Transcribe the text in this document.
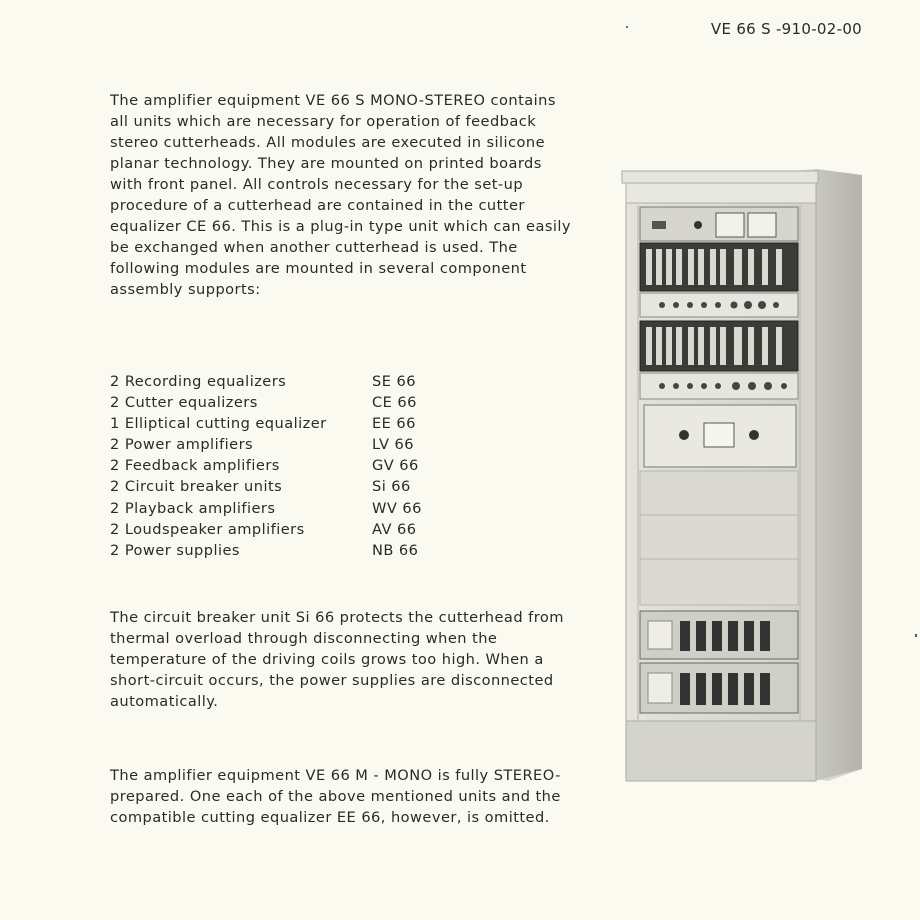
VE 66 S -910-02-00

The amplifier equipment VE 66 S MONO-STEREO contains all units which are necessary for operation of feedback stereo cutterheads. All modules are executed in silicone planar technology. They are mounted on printed boards with front panel. All controls necessary for the set-up procedure of a cutterhead are contained in the cutter equalizer CE 66. This is a plug-in type unit which can easily be exchanged when another cutterhead is used. The following modules are mounted in several component assembly supports:

2 Recording equalizers	SE 66
2 Cutter equalizers	CE 66
1 Elliptical cutting equalizer	EE 66
2 Power amplifiers	LV 66
2 Feedback amplifiers	GV 66
2 Circuit breaker units	Si 66
2 Playback amplifiers	WV 66
2 Loudspeaker amplifiers	AV 66
2 Power supplies	NB 66

The circuit breaker unit Si 66 protects the cutterhead from thermal overload through disconnecting when the temperature of the driving coils grows too high. When a short-circuit occurs, the power supplies are disconnected automatically.

The amplifier equipment VE 66 M - MONO is fully STEREO-prepared. One each of the above mentioned units and the compatible cutting equalizer EE 66, however, is omitted.
